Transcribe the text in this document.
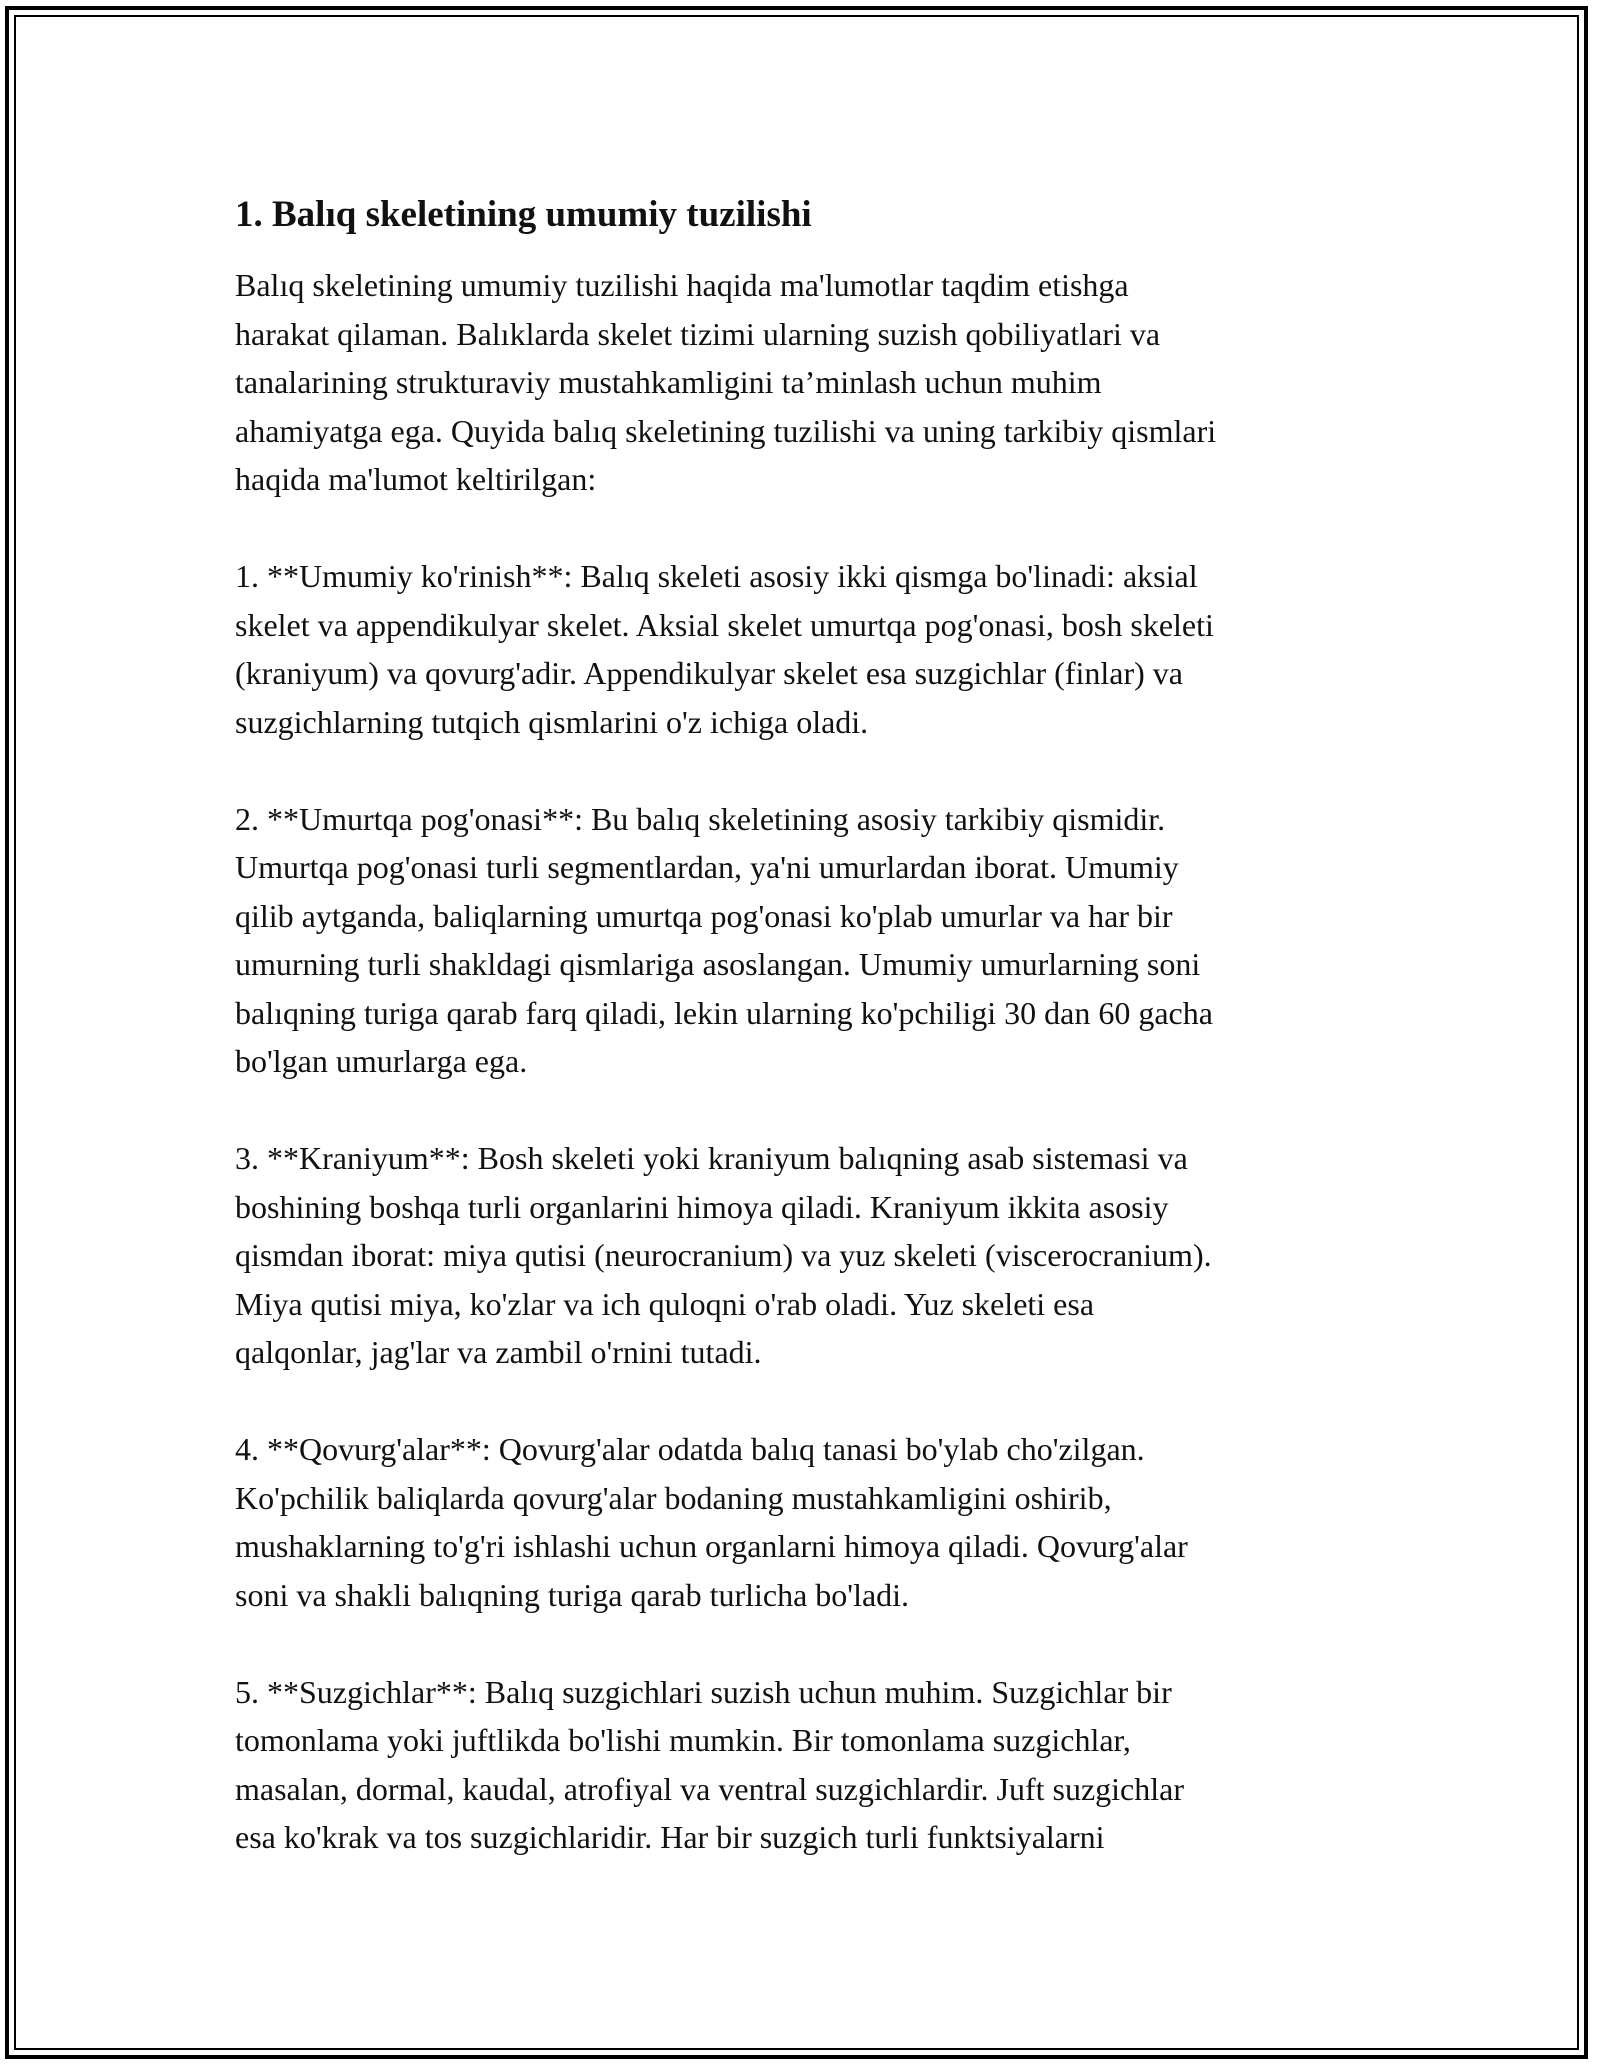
1. Balıq skeletining umumiy tuzilishi

Balıq skeletining umumiy tuzilishi haqida ma'lumotlar taqdim etishga
harakat qilaman. Balıklarda skelet tizimi ularning suzish qobiliyatlari va
tanalarining strukturaviy mustahkamligini ta’minlash uchun muhim
ahamiyatga ega. Quyida balıq skeletining tuzilishi va uning tarkibiy qismlari
haqida ma'lumot keltirilgan:

1. **Umumiy ko'rinish**: Balıq skeleti asosiy ikki qismga bo'linadi: aksial
skelet va appendikulyar skelet. Aksial skelet umurtqa pog'onasi, bosh skeleti
(kraniyum) va qovurg'adir. Appendikulyar skelet esa suzgichlar (finlar) va
suzgichlarning tutqich qismlarini o'z ichiga oladi.

2. **Umurtqa pog'onasi**: Bu balıq skeletining asosiy tarkibiy qismidir.
Umurtqa pog'onasi turli segmentlardan, ya'ni umurlardan iborat. Umumiy
qilib aytganda, baliqlarning umurtqa pog'onasi ko'plab umurlar va har bir
umurning turli shakldagi qismlariga asoslangan. Umumiy umurlarning soni
balıqning turiga qarab farq qiladi, lekin ularning ko'pchiligi 30 dan 60 gacha
bo'lgan umurlarga ega.

3. **Kraniyum**: Bosh skeleti yoki kraniyum balıqning asab sistemasi va
boshining boshqa turli organlarini himoya qiladi. Kraniyum ikkita asosiy
qismdan iborat: miya qutisi (neurocranium) va yuz skeleti (viscerocranium).
Miya qutisi miya, ko'zlar va ich quloqni o'rab oladi. Yuz skeleti esa
qalqonlar, jag'lar va zambil o'rnini tutadi.

4. **Qovurg'alar**: Qovurg'alar odatda balıq tanasi bo'ylab cho'zilgan.
Ko'pchilik baliqlarda qovurg'alar bodaning mustahkamligini oshirib,
mushaklarning to'g'ri ishlashi uchun organlarni himoya qiladi. Qovurg'alar
soni va shakli balıqning turiga qarab turlicha bo'ladi.

5. **Suzgichlar**: Balıq suzgichlari suzish uchun muhim. Suzgichlar bir
tomonlama yoki juftlikda bo'lishi mumkin. Bir tomonlama suzgichlar,
masalan, dormal, kaudal, atrofiyal va ventral suzgichlardir. Juft suzgichlar
esa ko'krak va tos suzgichlaridir. Har bir suzgich turli funktsiyalarni
